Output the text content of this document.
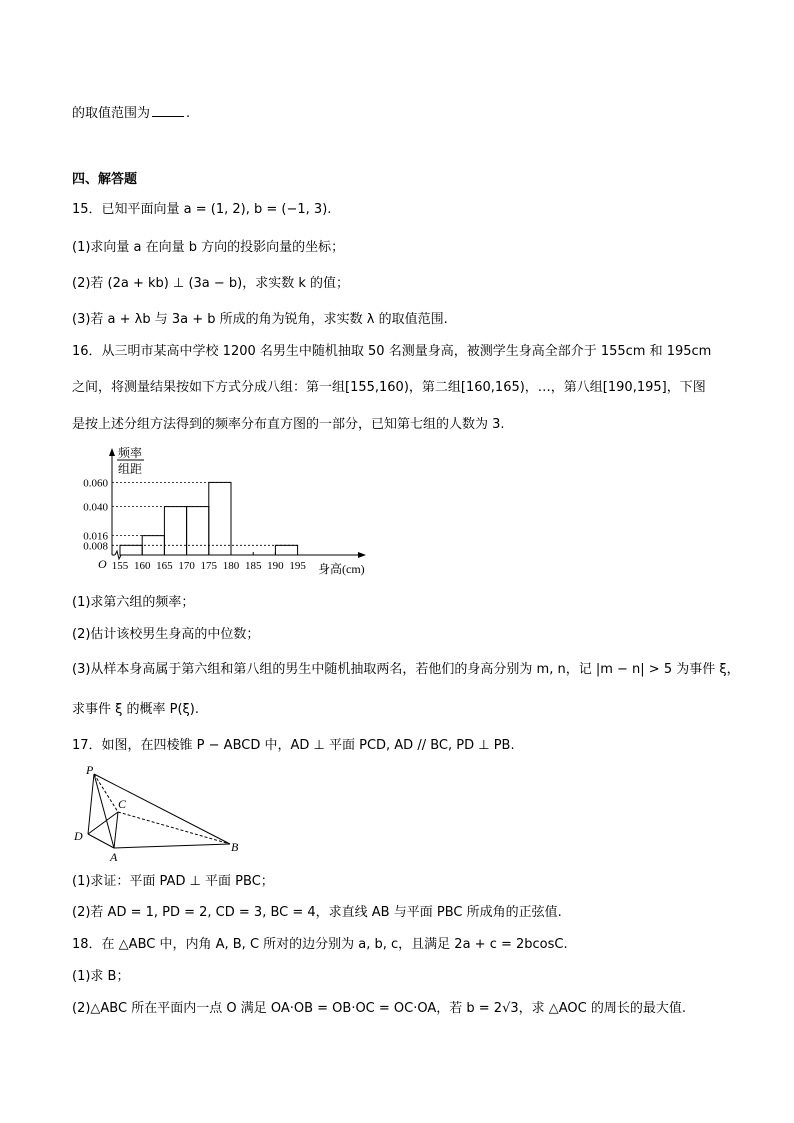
的取值范围为	.
四、解答题
15．已知平面向量 a = (1, 2), b = (−1, 3).
(1)求向量 a 在向量 b 方向的投影向量的坐标；
(2)若 (2a + kb) ⊥ (3a − b)，求实数 k 的值；
(3)若 a + λb 与 3a + b 所成的角为锐角，求实数 λ 的取值范围.
16．从三明市某高中学校 1200 名男生中随机抽取 50 名测量身高，被测学生身高全部介于 155cm 和 195cm
之间，将测量结果按如下方式分成八组：第一组[155,160)，第二组[160,165)，…，第八组[190,195]，下图
是按上述分组方法得到的频率分布直方图的一部分，已知第七组的人数为 3.
频率
组距
0.060
0.040
0.016
0.008
155 160 165 170 175 180 185 190 195
O	身高(cm)
(1)求第六组的频率；
(2)估计该校男生身高的中位数；
(3)从样本身高属于第六组和第八组的男生中随机抽取两名，若他们的身高分别为 m, n，记 |m − n| > 5 为事件 ξ，
求事件 ξ 的概率 P(ξ).
17．如图，在四棱锥 P − ABCD 中，AD ⊥ 平面 PCD, AD // BC, PD ⊥ PB.
P
C
D
A
B
(1)求证：平面 PAD ⊥ 平面 PBC；
(2)若 AD = 1, PD = 2, CD = 3, BC = 4，求直线 AB 与平面 PBC 所成角的正弦值.
18．在 △ABC 中，内角 A, B, C 所对的边分别为 a, b, c，且满足 2a + c = 2bcosC.
(1)求 B；
(2)△ABC 所在平面内一点 O 满足 OA·OB = OB·OC = OC·OA，若 b = 2√3，求 △AOC 的周长的最大值.
